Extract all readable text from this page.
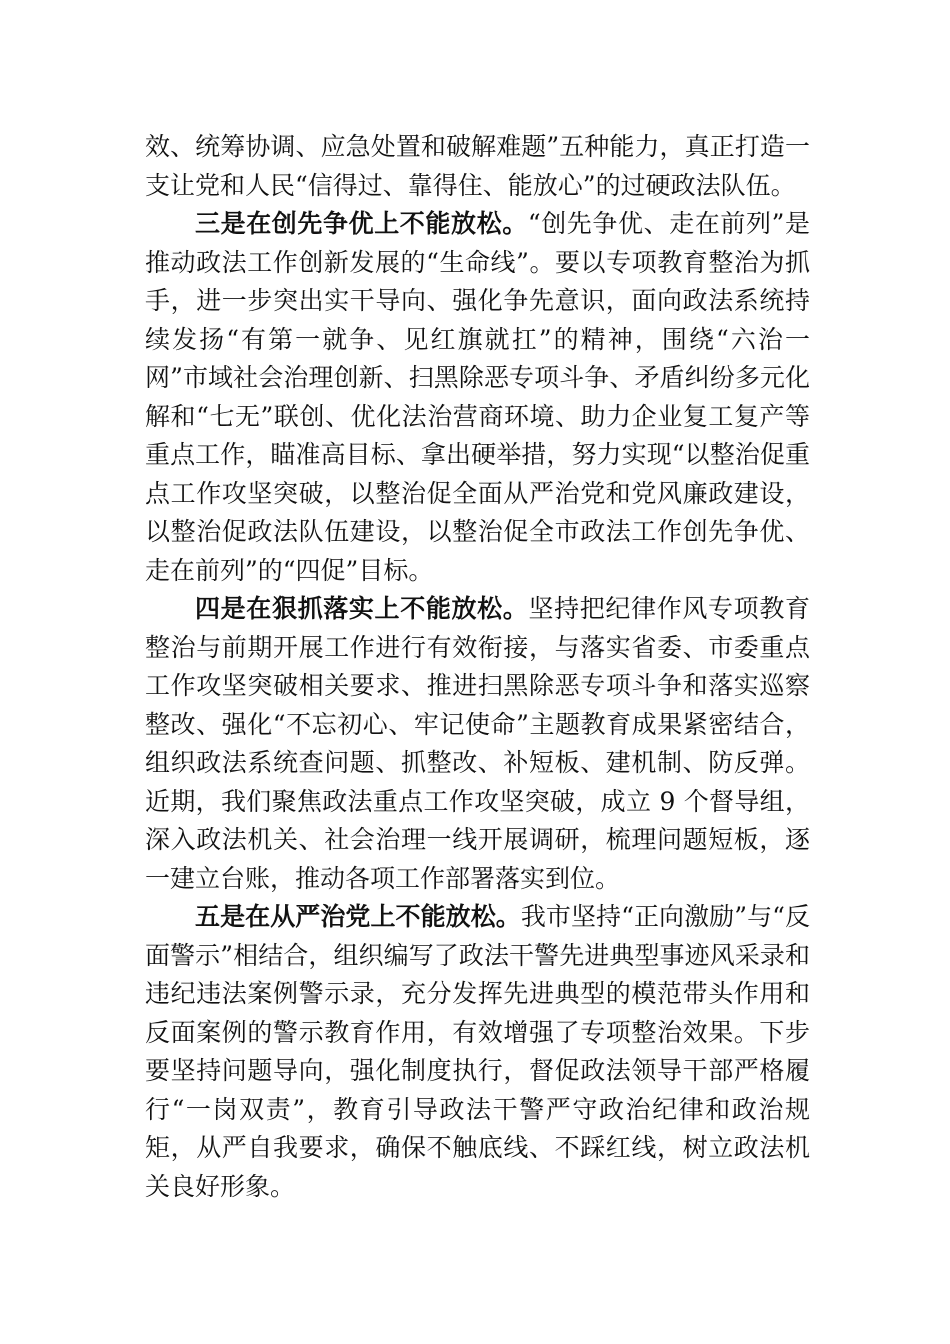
效、统筹协调、应急处置和破解难题”五种能力，真正打造一支让党和人民“信得过、靠得住、能放心”的过硬政法队伍。

三是在创先争优上不能放松。“创先争优、走在前列”是推动政法工作创新发展的“生命线”。要以专项教育整治为抓手，进一步突出实干导向、强化争先意识，面向政法系统持续发扬“有第一就争、见红旗就扛”的精神，围绕“六治一网”市域社会治理创新、扫黑除恶专项斗争、矛盾纠纷多元化解和“七无”联创、优化法治营商环境、助力企业复工复产等重点工作，瞄准高目标、拿出硬举措，努力实现“以整治促重点工作攻坚突破，以整治促全面从严治党和党风廉政建设，以整治促政法队伍建设，以整治促全市政法工作创先争优、走在前列”的“四促”目标。

四是在狠抓落实上不能放松。坚持把纪律作风专项教育整治与前期开展工作进行有效衔接，与落实省委、市委重点工作攻坚突破相关要求、推进扫黑除恶专项斗争和落实巡察整改、强化“不忘初心、牢记使命”主题教育成果紧密结合，组织政法系统查问题、抓整改、补短板、建机制、防反弹。近期，我们聚焦政法重点工作攻坚突破，成立 9 个督导组，深入政法机关、社会治理一线开展调研，梳理问题短板，逐一建立台账，推动各项工作部署落实到位。

五是在从严治党上不能放松。我市坚持“正向激励”与“反面警示”相结合，组织编写了政法干警先进典型事迹风采录和违纪违法案例警示录，充分发挥先进典型的模范带头作用和反面案例的警示教育作用，有效增强了专项整治效果。下步要坚持问题导向，强化制度执行，督促政法领导干部严格履行“一岗双责”，教育引导政法干警严守政治纪律和政治规矩，从严自我要求，确保不触底线、不踩红线，树立政法机关良好形象。
